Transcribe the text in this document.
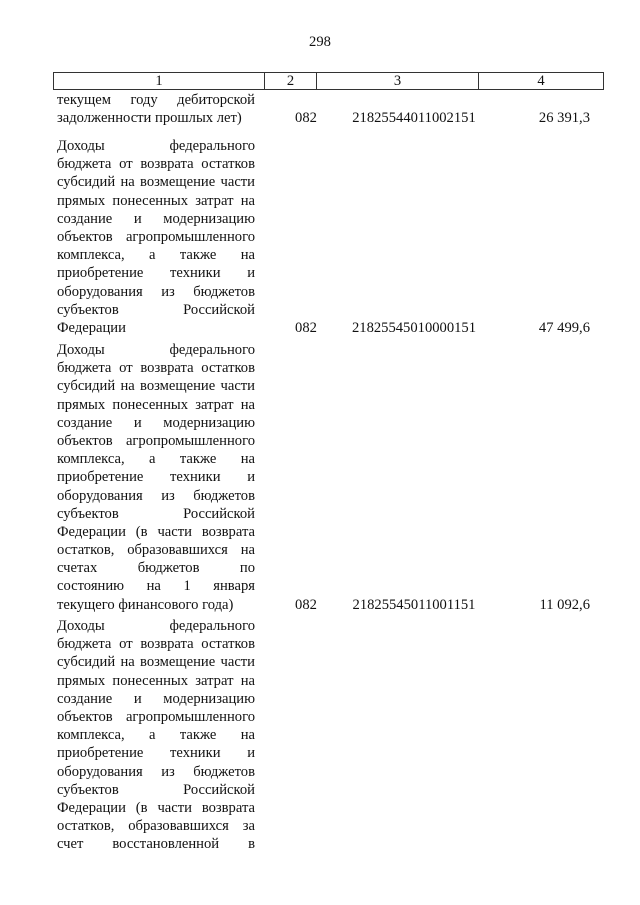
298
1	2	3	4
текущем году дебиторской
задолженности прошлых лет)	082	21825544011002151	26 391,3
Доходы федерального
бюджета от возврата остатков
субсидий на возмещение части
прямых понесенных затрат на
создание и модернизацию
объектов агропромышленного
комплекса, а также на
приобретение техники и
оборудования из бюджетов
субъектов Российской
Федерации	082	21825545010000151	47 499,6
Доходы федерального
бюджета от возврата остатков
субсидий на возмещение части
прямых понесенных затрат на
создание и модернизацию
объектов агропромышленного
комплекса, а также на
приобретение техники и
оборудования из бюджетов
субъектов Российской
Федерации (в части возврата
остатков, образовавшихся на
счетах бюджетов по
состоянию на 1 января
текущего финансового года)	082	21825545011001151	11 092,6
Доходы федерального
бюджета от возврата остатков
субсидий на возмещение части
прямых понесенных затрат на
создание и модернизацию
объектов агропромышленного
комплекса, а также на
приобретение техники и
оборудования из бюджетов
субъектов Российской
Федерации (в части возврата
остатков, образовавшихся за
счет восстановленной в
